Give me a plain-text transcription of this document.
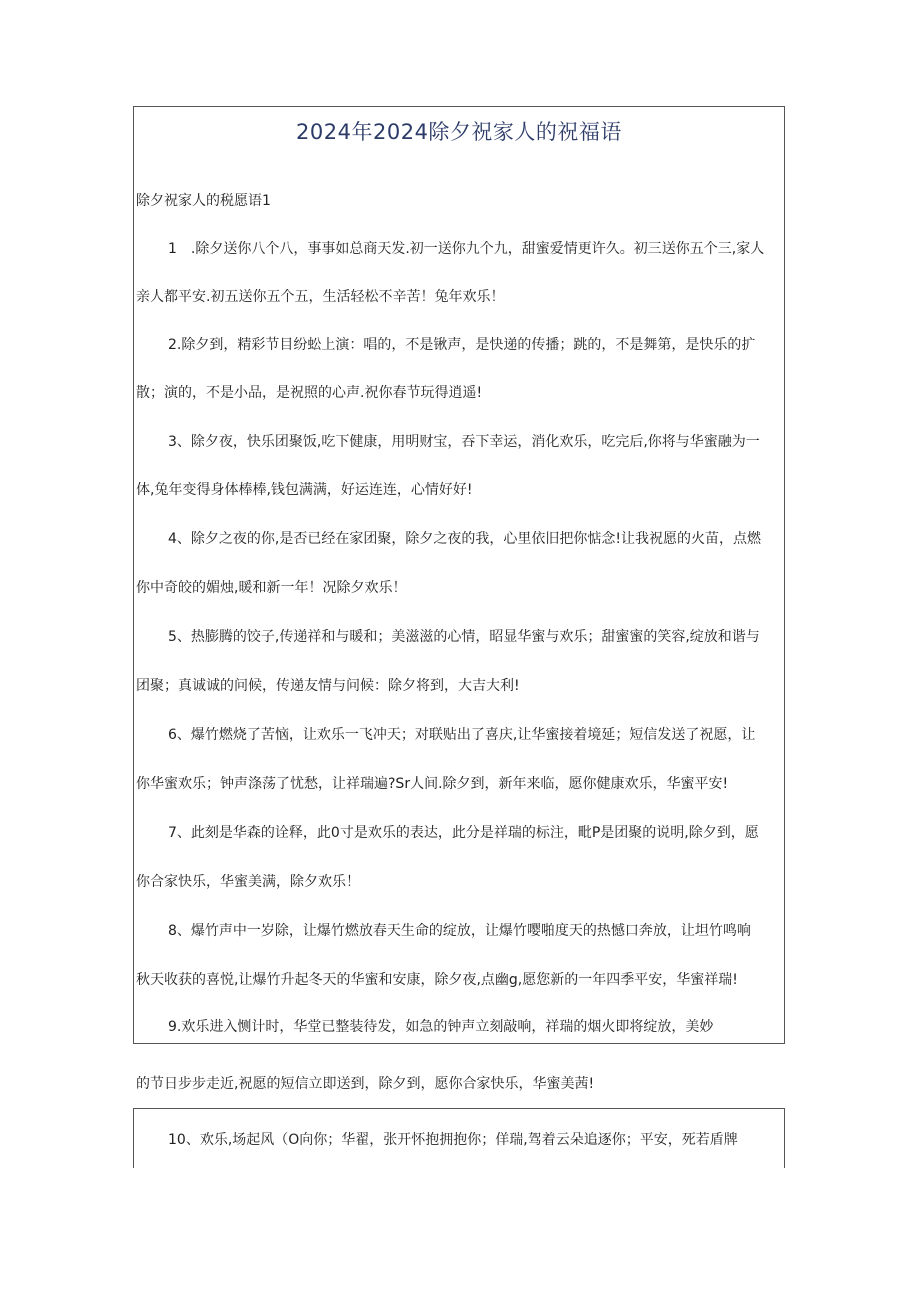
2024年2024除夕祝家人的祝福语
除夕祝家人的税愿语1
1　.除夕送你八个八，事事如总商天发.初一送你九个九，甜蜜爱情更许久。初三送你五个三,家人
亲人都平安.初五送你五个五，生活轻松不辛苦！兔年欢乐！
2.除夕到，精彩节目纷蚣上演：唱的，不是锹声，是快递的传播；跳的，不是舞第，是快乐的扩
散；演的，不是小品，是祝照的心声.祝你春节玩得逍遥!
3、除夕夜，快乐团聚饭,吃下健康，用明财宝，吞下幸运，消化欢乐，吃完后,你将与华蜜融为一
体,兔年变得身体棒棒,钱包满满，好运连连，心情好好!
4、除夕之夜的你,是否已经在家团聚，除夕之夜的我，心里依旧把你惦念!让我祝愿的火苗，点燃
你中奇皎的媚烛,暖和新一年！况除夕欢乐！
5、热膨腾的饺子,传递祥和与暖和；美滋滋的心情，昭显华蜜与欢乐；甜蜜蜜的笑容,绽放和谐与
团聚；真诚诚的问候，传递友情与问候：除夕将到，大吉大利!
6、爆竹燃烧了苦恼，让欢乐一飞冲天；对联贴出了喜庆,让华蜜接着境延；短信发送了祝愿，让
你华蜜欢乐；钟声涤荡了忧愁，让祥瑞遍?Sr人间.除夕到，新年来临，愿你健康欢乐，华蜜平安!
7、此刻是华森的诠释，此0寸是欢乐的表达，此分是祥瑞的标注，毗P是团聚的说明,除夕到，愿
你合家快乐，华蜜美满，除夕欢乐！
8、爆竹声中一岁除，让爆竹燃放春天生命的绽放，让爆竹嘤啪度天的热憾口奔放，让坦竹鸣响
秋天收获的喜悦,让爆竹升起冬天的华蜜和安康，除夕夜,点幽g,愿您新的一年四季平安，华蜜祥瑞!
9.欢乐进入恻计时，华堂已整装待发，如急的钟声立刻敲响，祥瑞的烟火即将绽放，美妙
的节日步步走近,祝愿的短信立即送到，除夕到，愿你合家快乐，华蜜美茜!
10、欢乐,场起风（O向你；华翟，张开怀抱拥抱你；佯瑞,驾着云朵追逐你；平安，死若盾牌
